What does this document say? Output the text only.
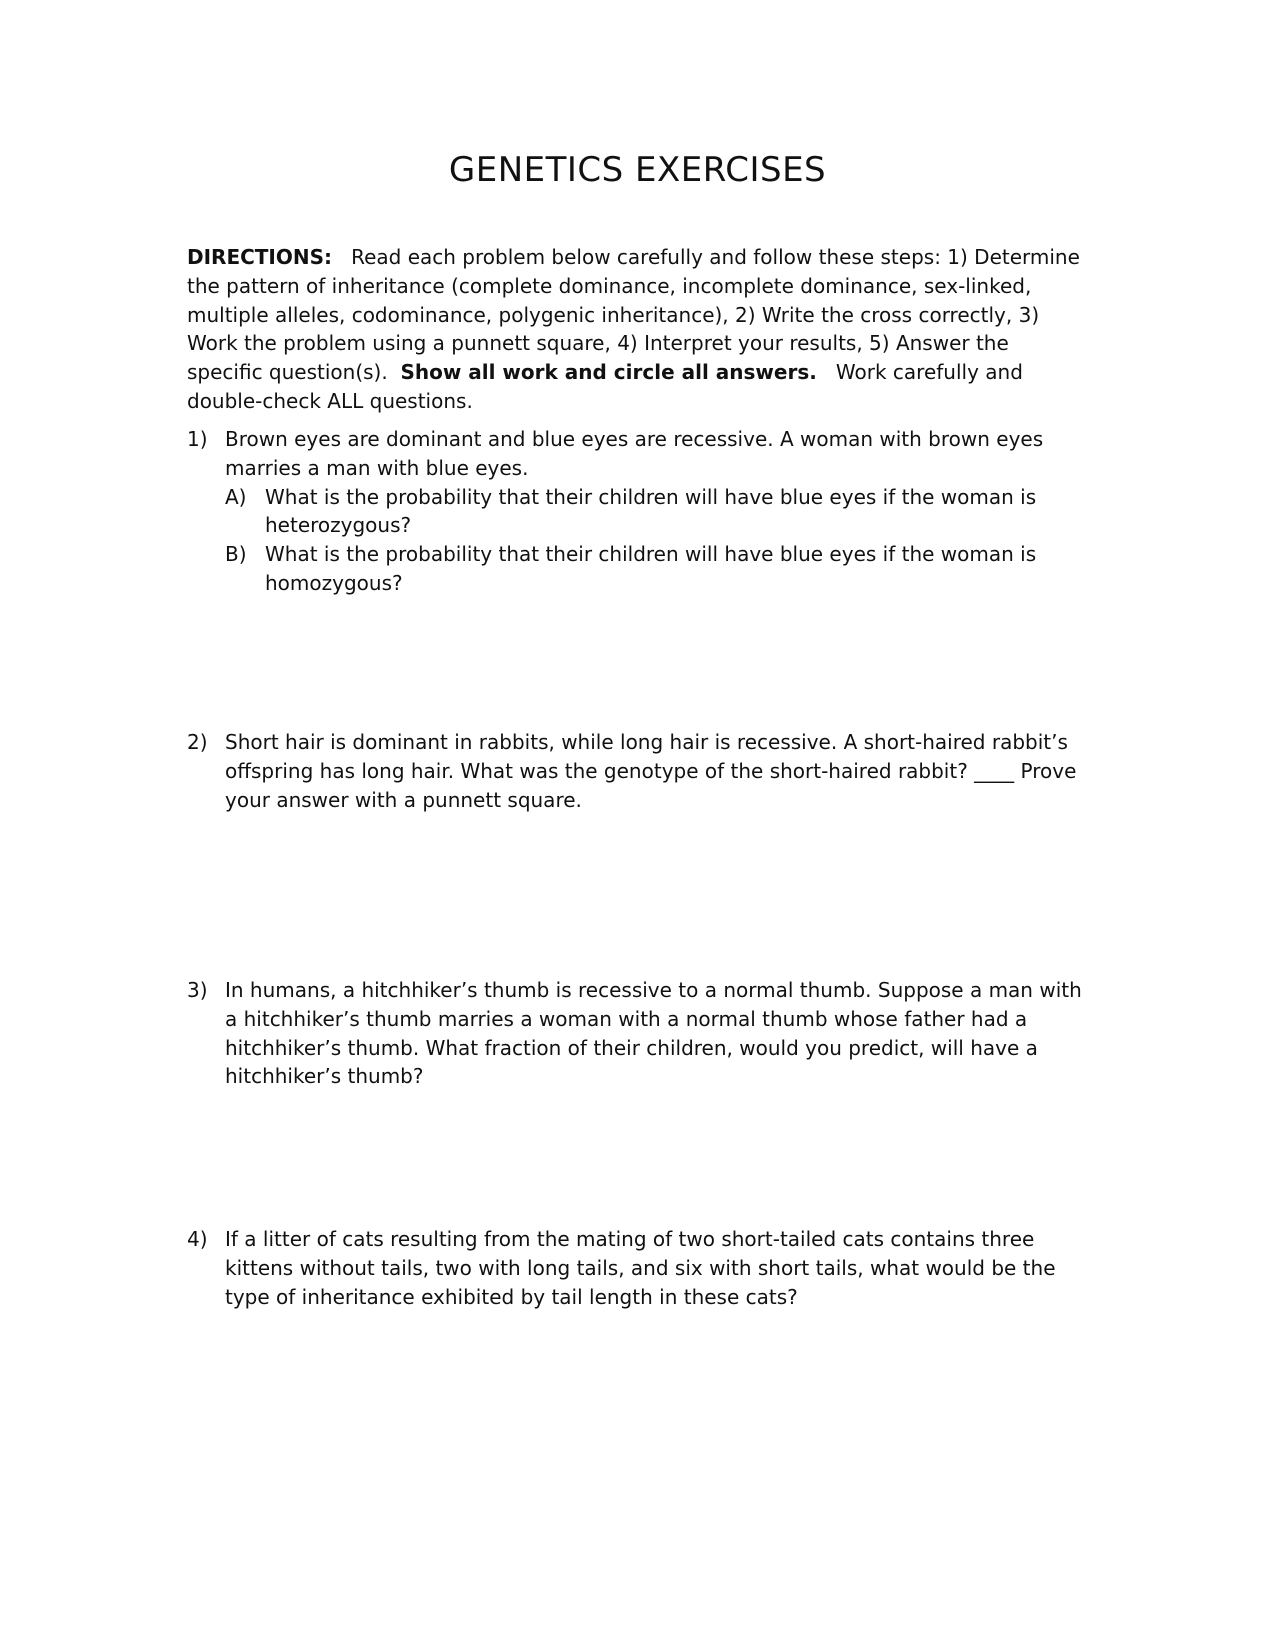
GENETICS EXERCISES

DIRECTIONS: Read each problem below carefully and follow these steps: 1) Determine the pattern of inheritance (complete dominance, incomplete dominance, sex-linked, multiple alleles, codominance, polygenic inheritance), 2) Write the cross correctly, 3) Work the problem using a punnett square, 4) Interpret your results, 5) Answer the specific question(s). Show all work and circle all answers. Work carefully and double-check ALL questions.

1) Brown eyes are dominant and blue eyes are recessive. A woman with brown eyes marries a man with blue eyes.
A) What is the probability that their children will have blue eyes if the woman is heterozygous?
B) What is the probability that their children will have blue eyes if the woman is homozygous?
2) Short hair is dominant in rabbits, while long hair is recessive. A short-haired rabbit’s offspring has long hair. What was the genotype of the short-haired rabbit? ____ Prove your answer with a punnett square.
3) In humans, a hitchhiker’s thumb is recessive to a normal thumb. Suppose a man with a hitchhiker’s thumb marries a woman with a normal thumb whose father had a hitchhiker’s thumb. What fraction of their children, would you predict, will have a hitchhiker’s thumb?
4) If a litter of cats resulting from the mating of two short-tailed cats contains three kittens without tails, two with long tails, and six with short tails, what would be the type of inheritance exhibited by tail length in these cats?
